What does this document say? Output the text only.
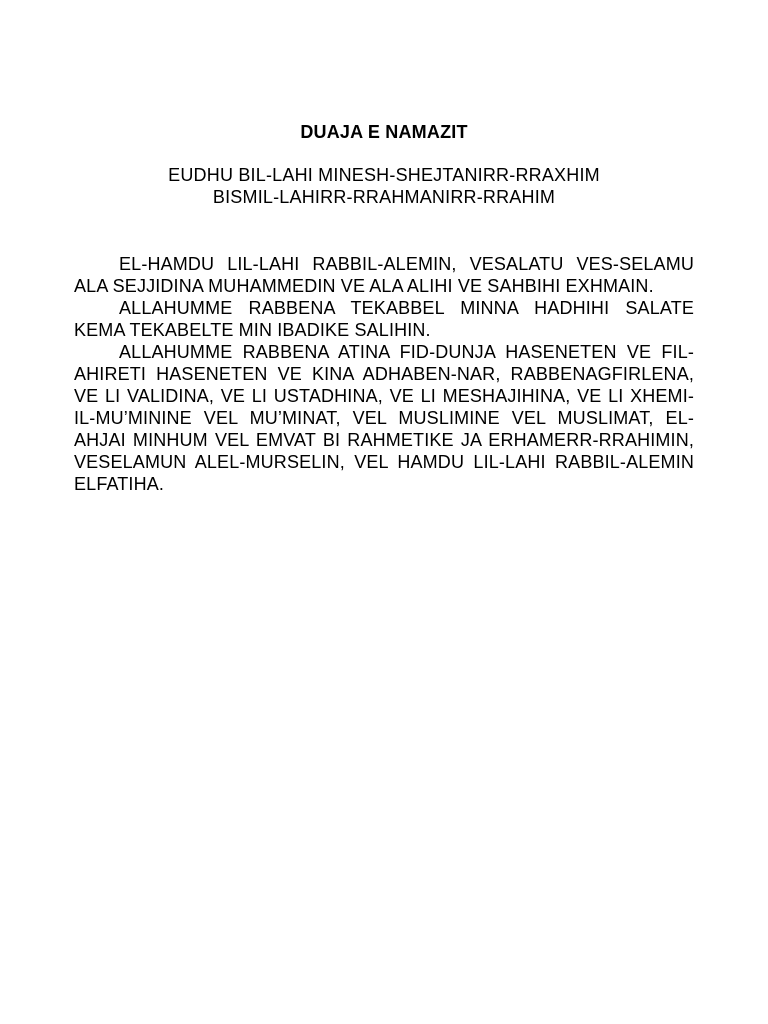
DUAJA E NAMAZIT

EUDHU BIL-LAHI MINESH-SHEJTANIRR-RRAXHIM

BISMIL-LAHIRR-RRAHMANIRR-RRAHIM

EL-HAMDU LIL-LAHI RABBIL-ALEMIN, VESALATU VES-SELAMU ALA SEJJIDINA MUHAMMEDIN VE ALA ALIHI VE SAHBIHI EXHMAIN.

ALLAHUMME RABBENA TEKABBEL MINNA HADHIHI SALATE KEMA TEKABELTE MIN IBADIKE SALIHIN.

ALLAHUMME RABBENA ATINA FID-DUNJA HASENETEN VE FIL-AHIRETI HASENETEN VE KINA ADHABEN-NAR, RABBENAGFIRLENA, VE LI VALIDINA, VE LI USTADHINA, VE LI MESHAJIHINA, VE LI XHEMI-IL-MU’MININE VEL MU’MINAT, VEL MUSLIMINE VEL MUSLIMAT, EL-AHJAI MINHUM VEL EMVAT BI RAHMETIKE JA ERHAMERR-RRAHIMIN, VESELAMUN ALEL-MURSELIN, VEL HAMDU LIL-LAHI RABBIL-ALEMIN ELFATIHA.
